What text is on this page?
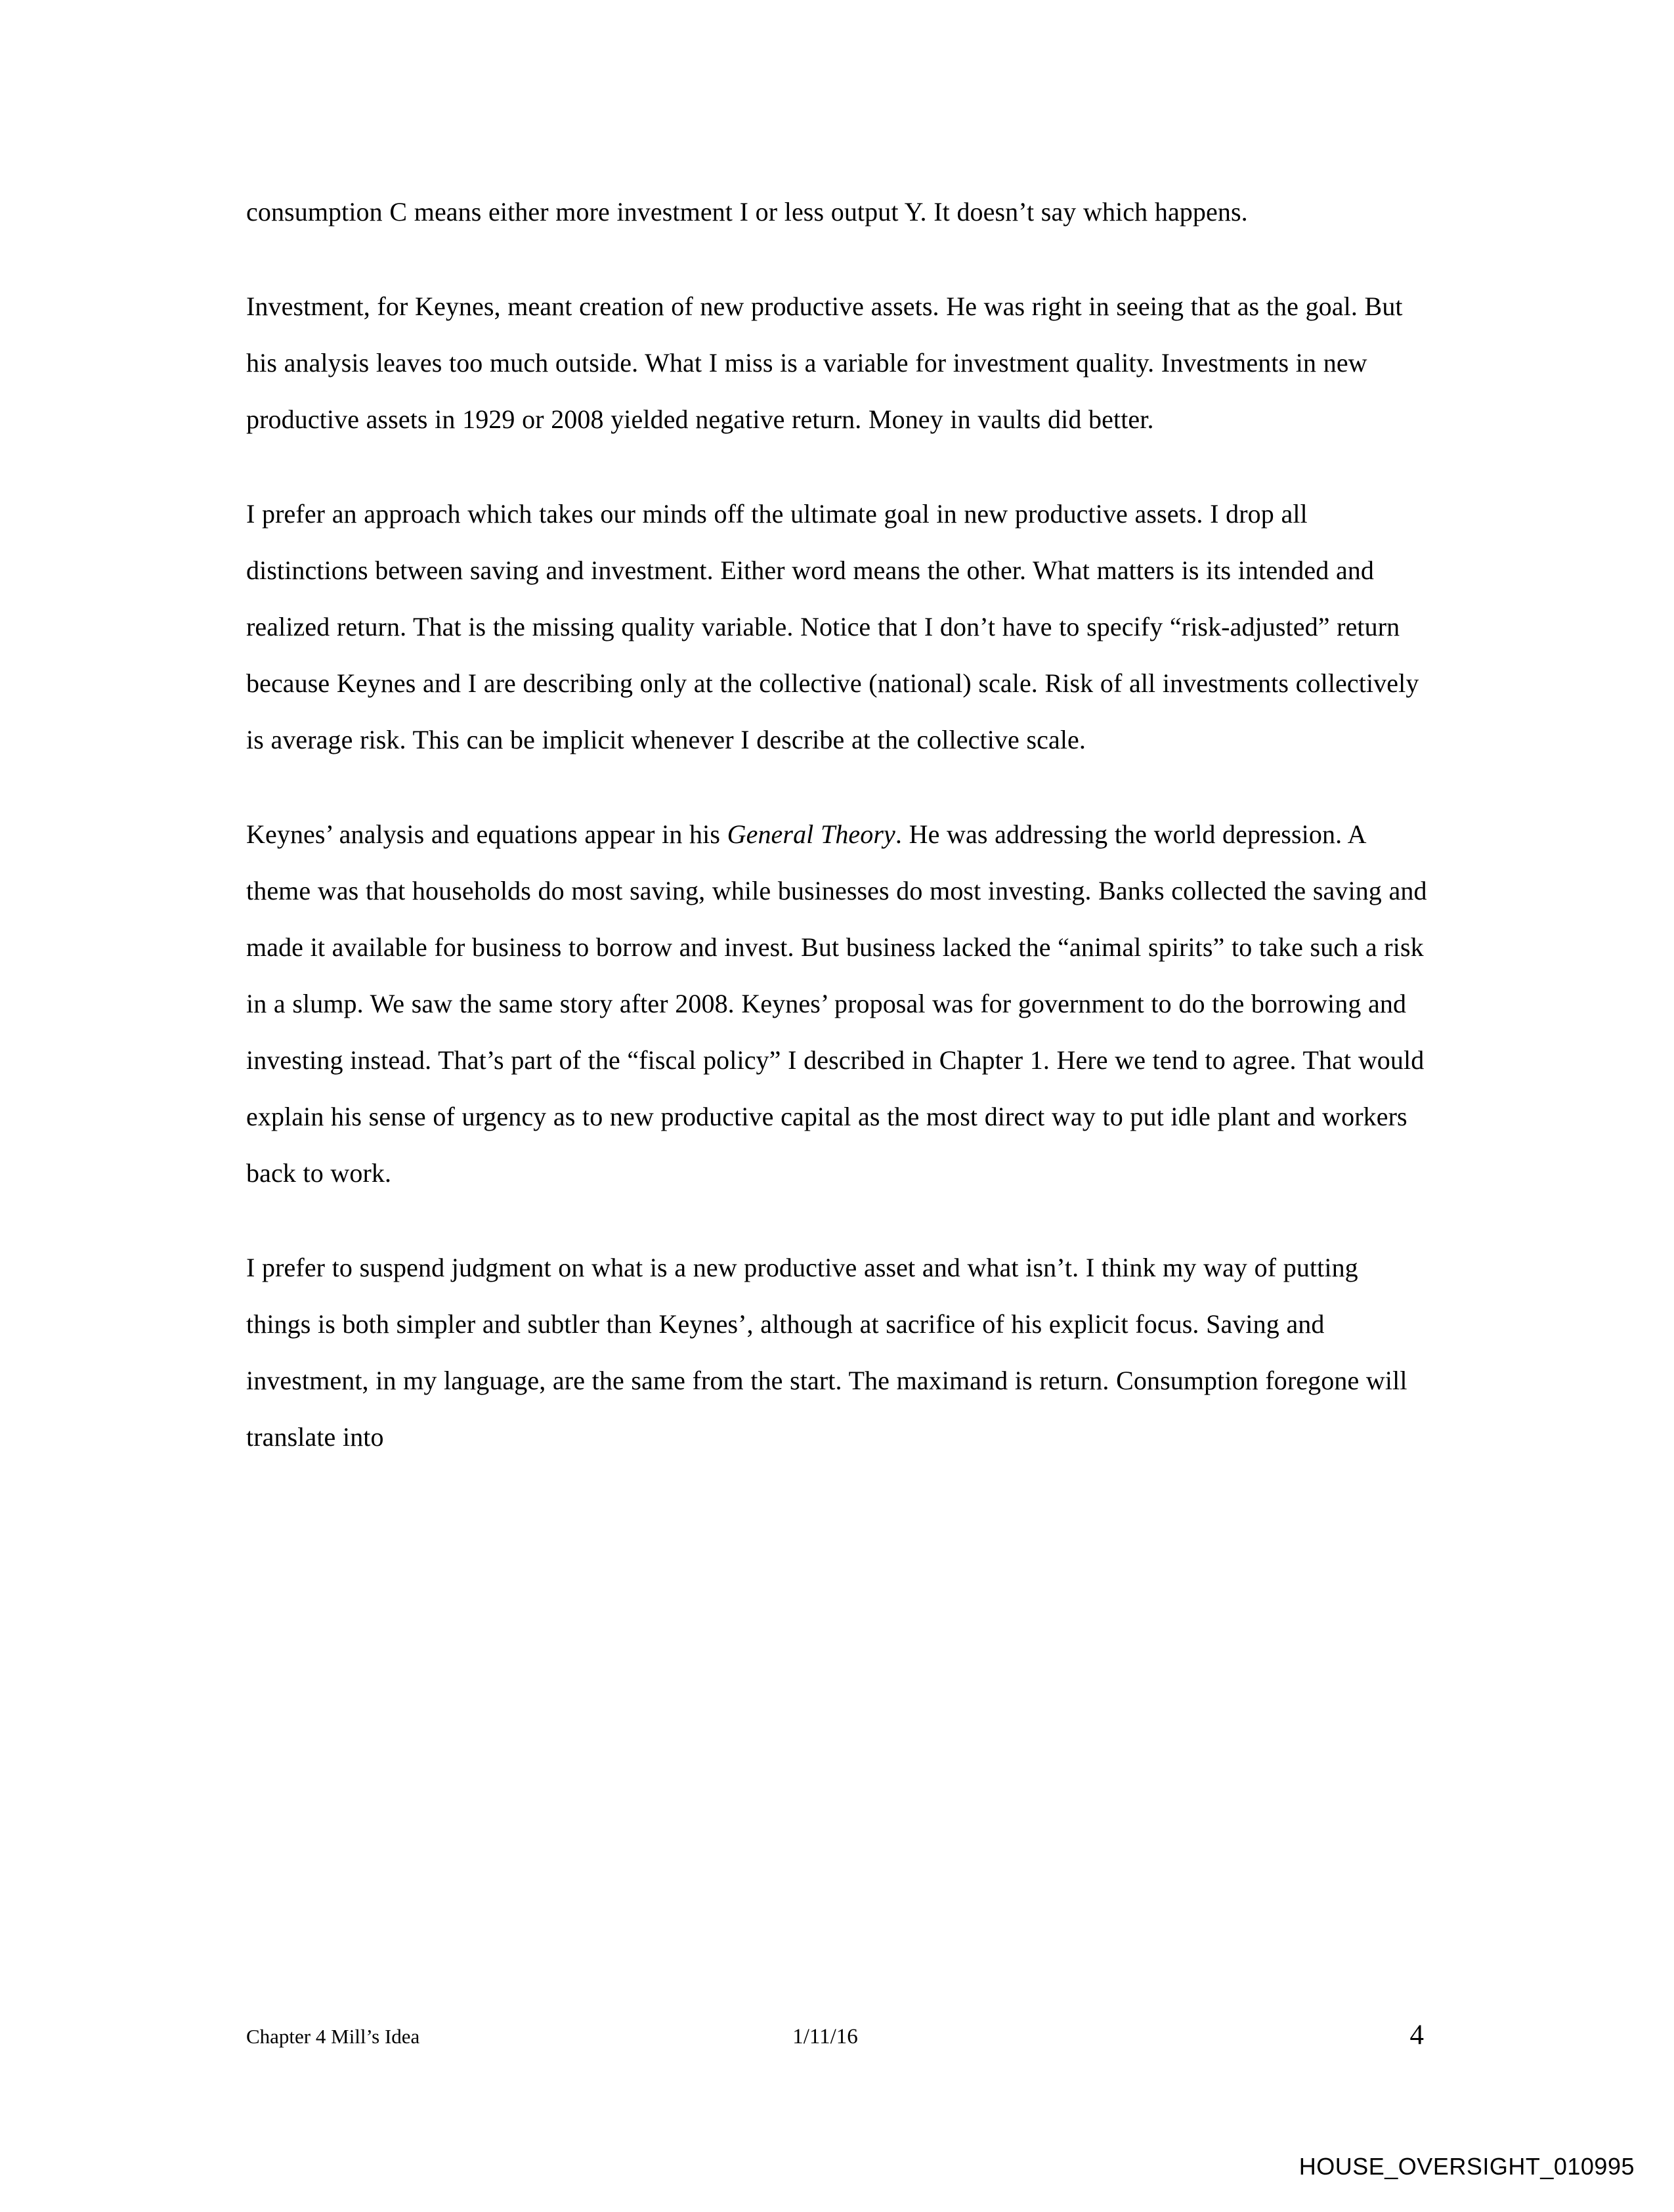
consumption C means either more investment I or less output Y. It doesn’t say which happens.

Investment, for Keynes, meant creation of new productive assets. He was right in seeing that as the goal. But his analysis leaves too much outside. What I miss is a variable for investment quality. Investments in new productive assets in 1929 or 2008 yielded negative return. Money in vaults did better.

I prefer an approach which takes our minds off the ultimate goal in new productive assets. I drop all distinctions between saving and investment. Either word means the other. What matters is its intended and realized return. That is the missing quality variable. Notice that I don’t have to specify “risk-adjusted” return because Keynes and I are describing only at the collective (national) scale. Risk of all investments collectively is average risk. This can be implicit whenever I describe at the collective scale.

Keynes’ analysis and equations appear in his General Theory. He was addressing the world depression. A theme was that households do most saving, while businesses do most investing. Banks collected the saving and made it available for business to borrow and invest. But business lacked the “animal spirits” to take such a risk in a slump. We saw the same story after 2008. Keynes’ proposal was for government to do the borrowing and investing instead. That’s part of the “fiscal policy” I described in Chapter 1. Here we tend to agree. That would explain his sense of urgency as to new productive capital as the most direct way to put idle plant and workers back to work.

I prefer to suspend judgment on what is a new productive asset and what isn’t. I think my way of putting things is both simpler and subtler than Keynes’, although at sacrifice of his explicit focus. Saving and investment, in my language, are the same from the start. The maximand is return. Consumption foregone will translate into

Chapter 4 Mill’s Idea	1/11/16	4
HOUSE_OVERSIGHT_010995
